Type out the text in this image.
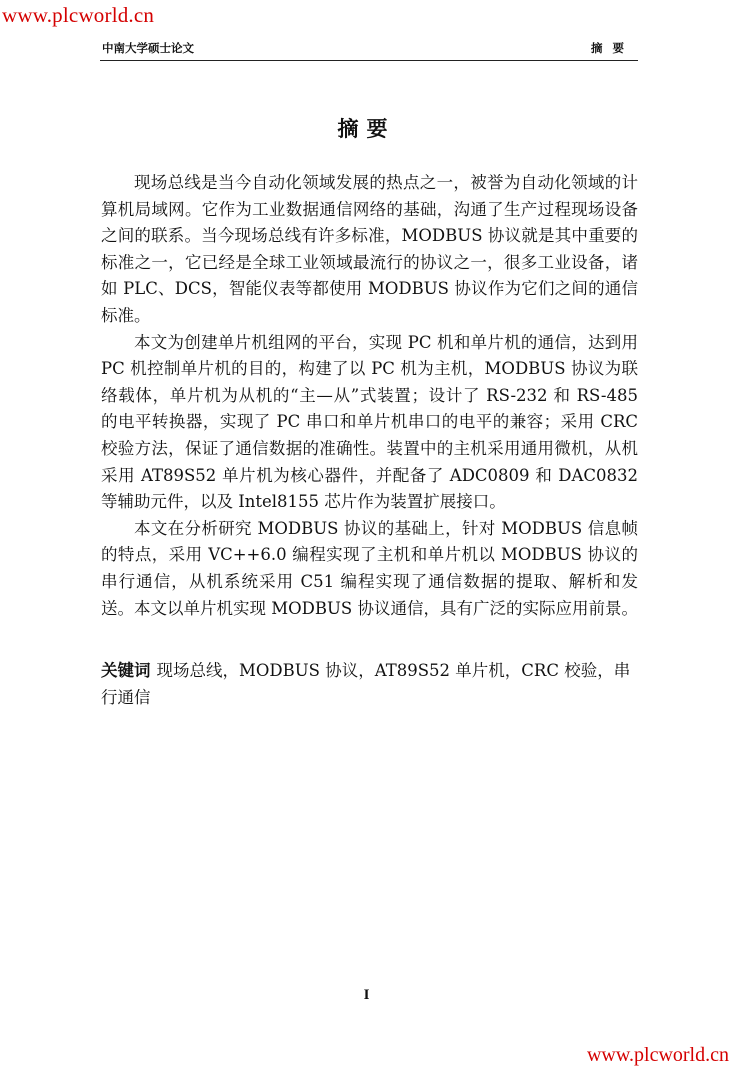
www.plcworld.cn
中南大学硕士论文	摘要
摘要

现场总线是当今自动化领域发展的热点之一，被誉为自动化领域的计算机局域网。它作为工业数据通信网络的基础，沟通了生产过程现场设备之间的联系。当今现场总线有许多标准，MODBUS 协议就是其中重要的标准之一，它已经是全球工业领域最流行的协议之一，很多工业设备，诸如 PLC、DCS，智能仪表等都使用 MODBUS 协议作为它们之间的通信标准。

本文为创建单片机组网的平台，实现 PC 机和单片机的通信，达到用 PC 机控制单片机的目的，构建了以 PC 机为主机，MODBUS 协议为联络载体，单片机为从机的“主—从”式装置；设计了 RS-232 和 RS-485 的电平转换器，实现了 PC 串口和单片机串口的电平的兼容；采用 CRC 校验方法，保证了通信数据的准确性。装置中的主机采用通用微机，从机采用 AT89S52 单片机为核心器件，并配备了 ADC0809 和 DAC0832 等辅助元件，以及 Intel8155 芯片作为装置扩展接口。

本文在分析研究 MODBUS 协议的基础上，针对 MODBUS 信息帧的特点，采用 VC++6.0 编程实现了主机和单片机以 MODBUS 协议的串行通信，从机系统采用 C51 编程实现了通信数据的提取、解析和发送。本文以单片机实现 MODBUS 协议通信，具有广泛的实际应用前景。

关键词 现场总线，MODBUS 协议，AT89S52 单片机，CRC 校验，串行通信
I
www.plcworld.cn
